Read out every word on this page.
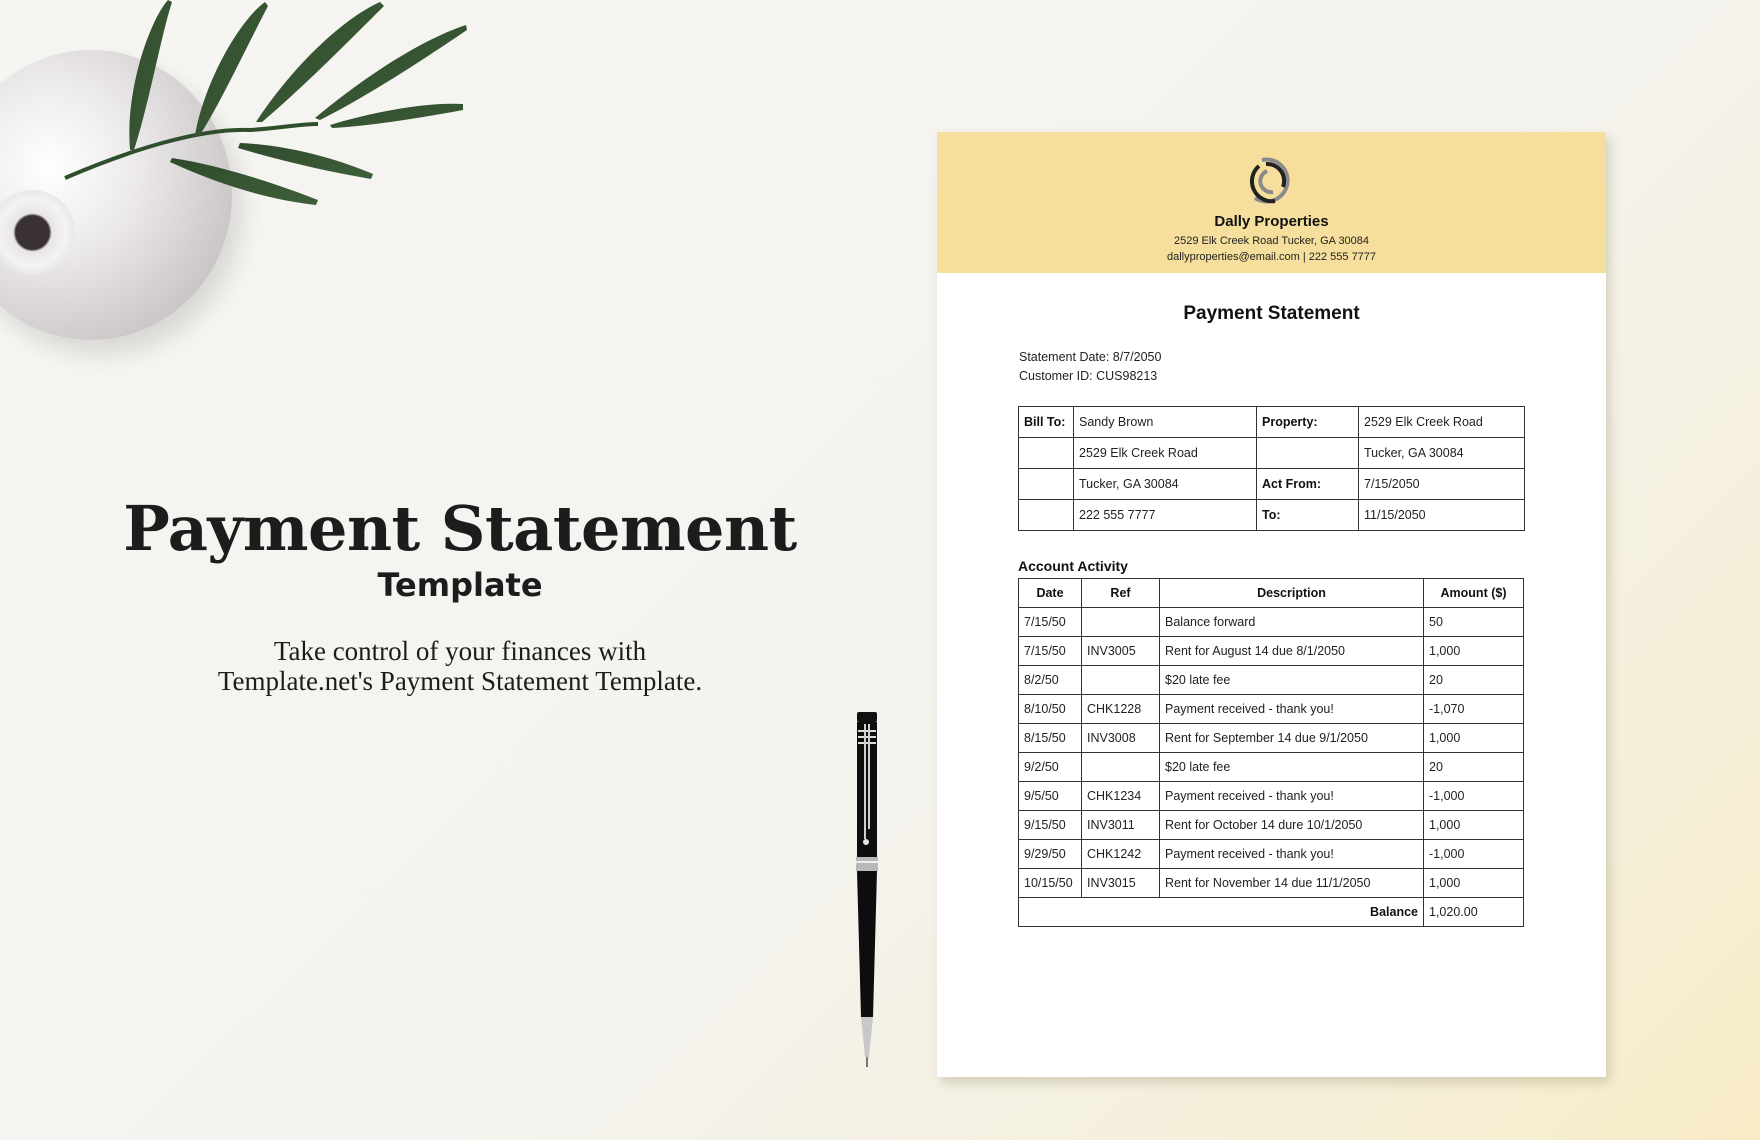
Payment Statement
Template
Take control of your finances with
Template.net's Payment Statement Template.
Dally Properties
2529 Elk Creek Road Tucker, GA 30084
dallyproperties@email.com | 222 555 7777
Payment Statement
Statement Date: 8/7/2050
Customer ID: CUS98213
Bill To:	Sandy Brown	Property:	2529 Elk Creek Road
	2529 Elk Creek Road		Tucker, GA 30084
	Tucker, GA 30084	Act From:	7/15/2050
	222 555 7777	To:	11/15/2050
Account Activity
Date	Ref	Description	Amount ($)
7/15/50		Balance forward	50
7/15/50	INV3005	Rent for August 14 due 8/1/2050	1,000
8/2/50		$20 late fee	20
8/10/50	CHK1228	Payment received - thank you!	-1,070
8/15/50	INV3008	Rent for September 14 due 9/1/2050	1,000
9/2/50		$20 late fee	20
9/5/50	CHK1234	Payment received - thank you!	-1,000
9/15/50	INV3011	Rent for October 14 dure 10/1/2050	1,000
9/29/50	CHK1242	Payment received - thank you!	-1,000
10/15/50	INV3015	Rent for November 14 due 11/1/2050	1,000
Balance			1,020.00
